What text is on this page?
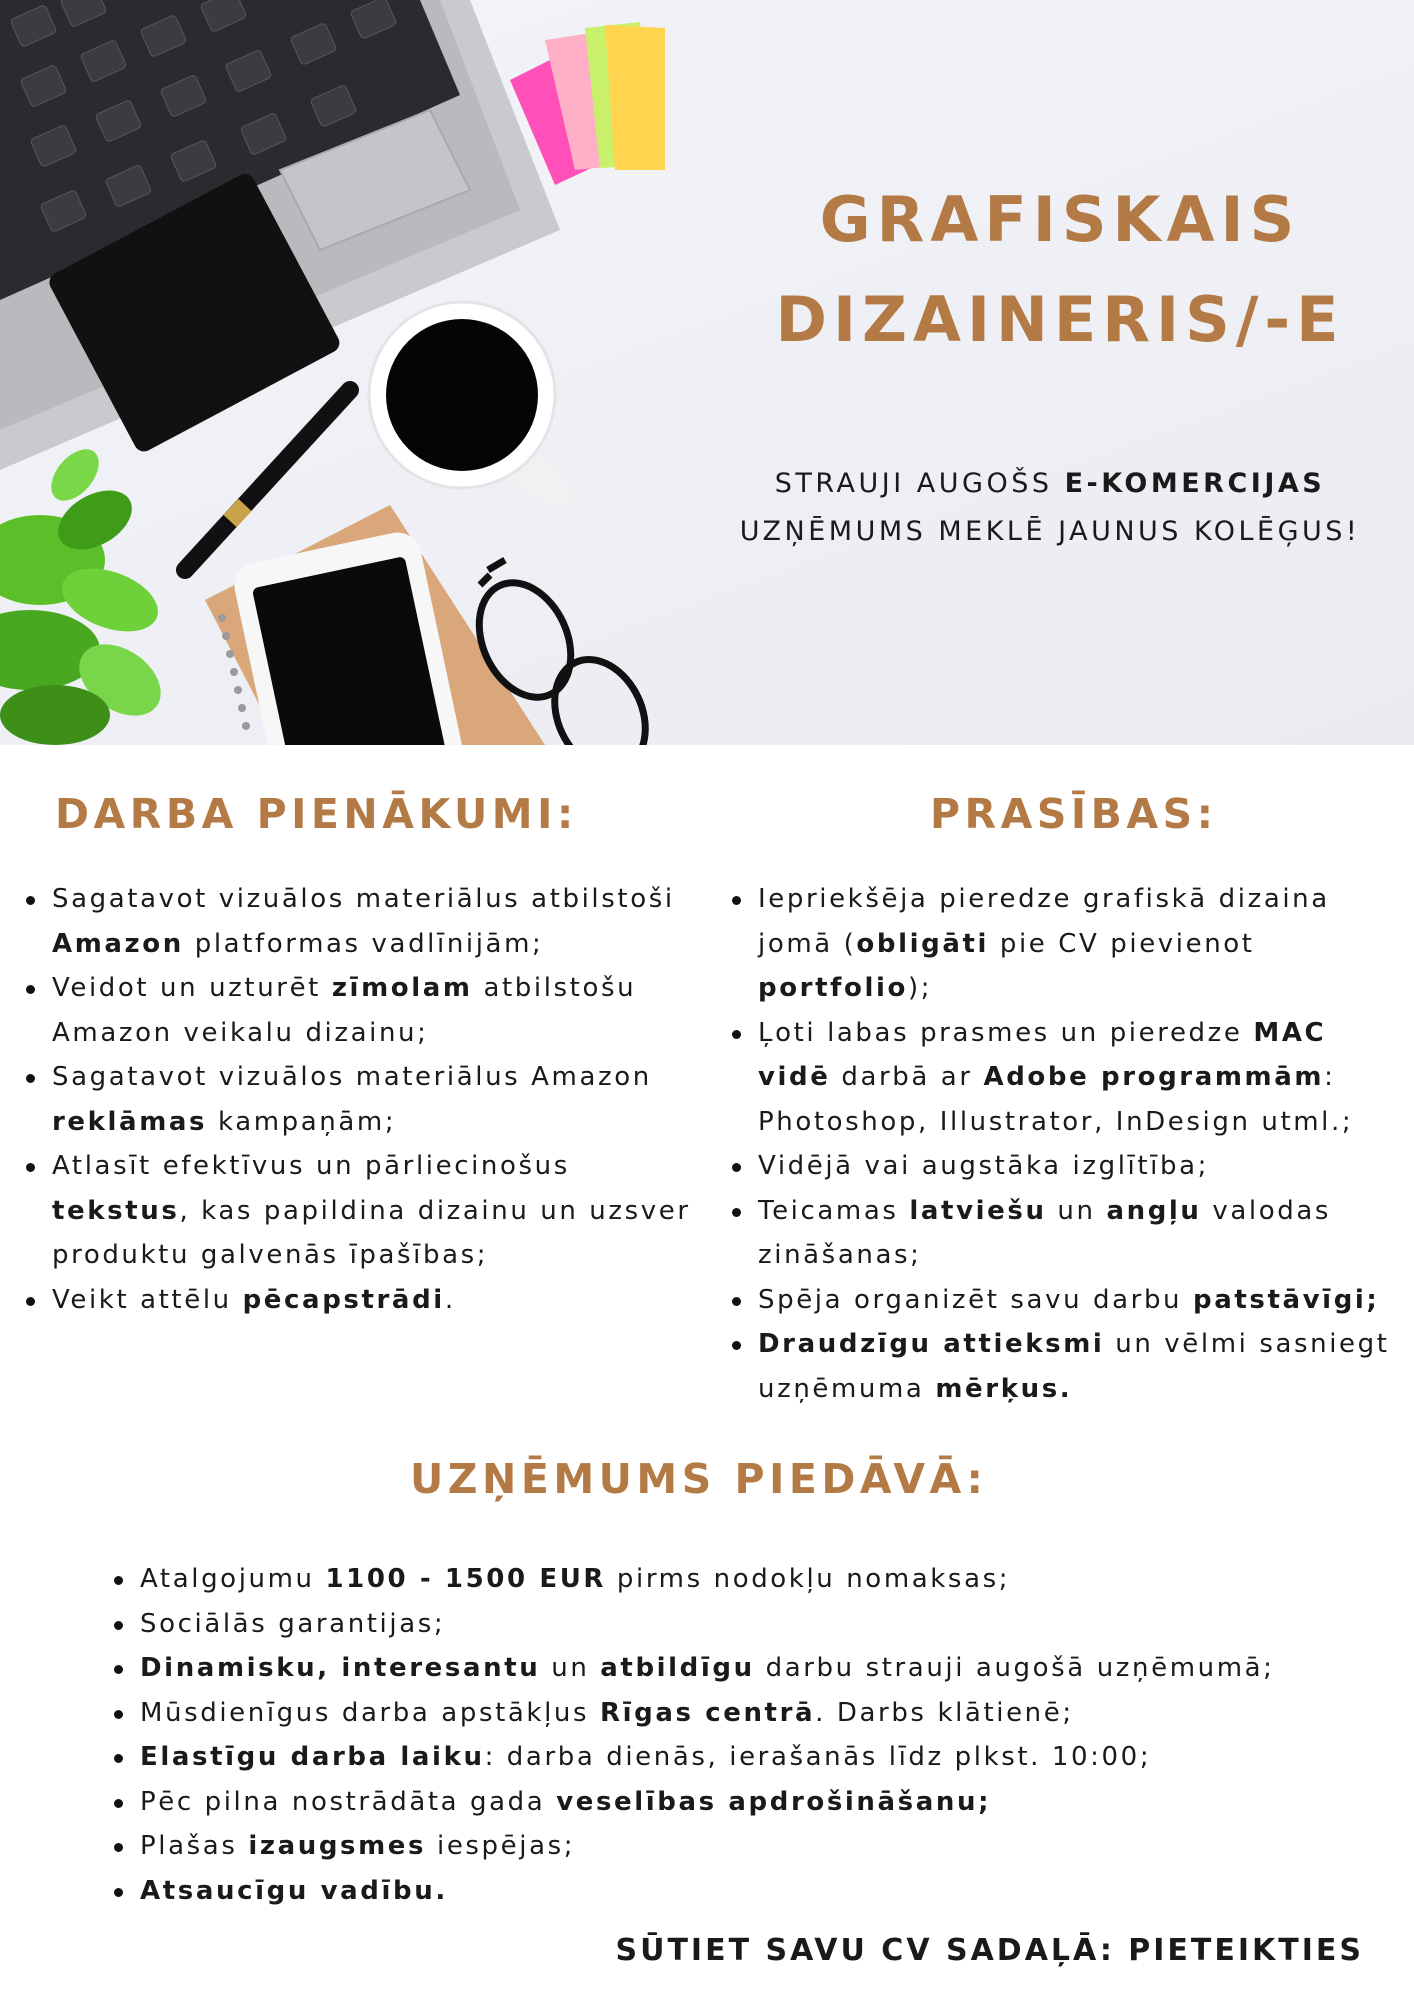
GRAFISKAIS
DIZAINERIS/-E
STRAUJI AUGOŠS E-KOMERCIJAS UZŅĒMUMS MEKLĒ JAUNUS KOLĒĢUS!
DARBA PIENĀKUMI:
Sagatavot vizuālos materiālus atbilstoši Amazon platformas vadlīnijām;
Veidot un uzturēt zīmolam atbilstošu Amazon veikalu dizainu;
Sagatavot vizuālos materiālus Amazon reklāmas kampaņām;
Atlasīt efektīvus un pārliecinošus tekstus, kas papildina dizainu un uzsver produktu galvenās īpašības;
Veikt attēlu pēcapstrādi.
PRASĪBAS:
Iepriekšēja pieredze grafiskā dizaina jomā (obligāti pie CV pievienot portfolio);
Ļoti labas prasmes un pieredze MAC vidē darbā ar Adobe programmām: Photoshop, Illustrator, InDesign utml.;
Vidējā vai augstāka izglītība;
Teicamas latviešu un angļu valodas zināšanas;
Spēja organizēt savu darbu patstāvīgi;
Draudzīgu attieksmi un vēlmi sasniegt uzņēmuma mērķus.
UZŅĒMUMS PIEDĀVĀ:
Atalgojumu 1100 - 1500 EUR pirms nodokļu nomaksas;
Sociālās garantijas;
Dinamisku, interesantu un atbildīgu darbu strauji augošā uzņēmumā;
Mūsdienīgus darba apstākļus Rīgas centrā. Darbs klātienē;
Elastīgu darba laiku: darba dienās, ierašanās līdz plkst. 10:00;
Pēc pilna nostrādāta gada veselības apdrošināšanu;
Plašas izaugsmes iespējas;
Atsaucīgu vadību.

SŪTIET SAVU CV SADAĻĀ: PIETEIKTIES
